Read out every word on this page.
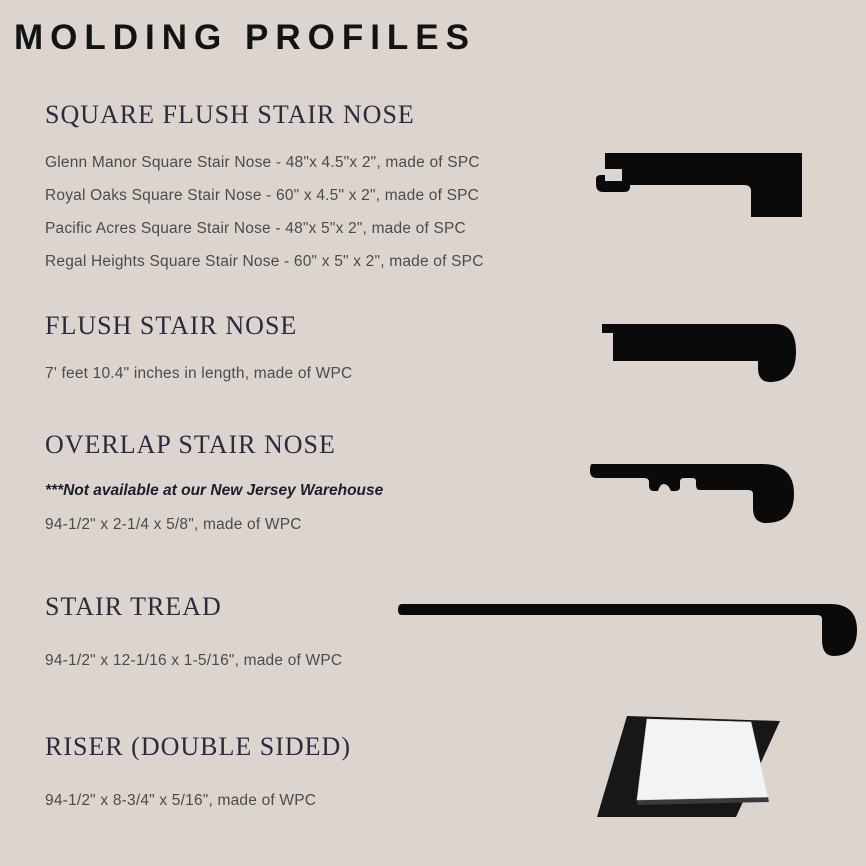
MOLDING PROFILES
SQUARE FLUSH STAIR NOSE
Glenn Manor Square Stair Nose - 48"x 4.5"x 2", made of SPC
Royal Oaks Square Stair Nose - 60" x 4.5" x 2", made of SPC
Pacific Acres Square Stair Nose - 48"x 5"x 2", made of SPC
Regal Heights Square Stair Nose - 60" x 5" x 2", made of SPC
FLUSH STAIR NOSE
7' feet 10.4" inches in length, made of WPC
OVERLAP STAIR NOSE
***Not available at our New Jersey Warehouse
94-1/2" x 2-1/4 x 5/8", made of WPC
STAIR TREAD
94-1/2" x 12-1/16 x 1-5/16", made of WPC
RISER (DOUBLE SIDED)
94-1/2" x 8-3/4" x 5/16", made of WPC
